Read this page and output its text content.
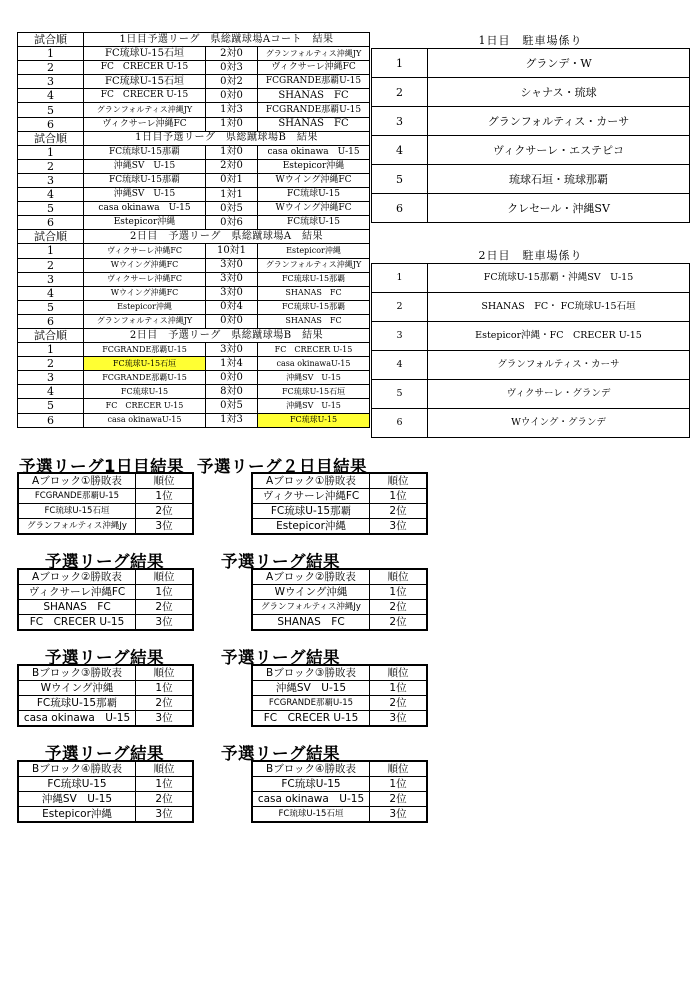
試合順	1日目予選リーグ　県総蹴球場Aコート　結果		
1	FC琉球U-15石垣	2対0	グランフォルティス沖縄JY
2	FC　CRECER U-15	0対3	ヴィクサーレ沖縄FC
3	FC琉球U-15石垣	0対2	FCGRANDE那覇U-15
4	FC　CRECER U-15	0対0	SHANAS　FC
5	グランフォルティス沖縄JY	1対3	FCGRANDE那覇U-15
6	ヴィクサーレ沖縄FC	1対0	SHANAS　FC
試合順	1日目予選リーグ　県総蹴球場B　結果		
1	FC琉球U-15那覇	1対0	casa okinawa　U-15
2	沖縄SV　U-15	2対0	Estepicor沖縄
3	FC琉球U-15那覇	0対1	Wウイング沖縄FC
4	沖縄SV　U-15	1対1	FC琉球U-15
5	casa okinawa　U-15	0対5	Wウイング沖縄FC
6	Estepicor沖縄	0対6	FC琉球U-15
試合順	2日目　予選リーグ　県総蹴球場A　結果		
1	ヴィクサーレ沖縄FC	10対1	Estepicor沖縄
2	Wウイング沖縄FC	3対0	グランフォルティス沖縄JY
3	ヴィクサーレ沖縄FC	3対0	FC琉球U-15那覇
4	Wウイング沖縄FC	3対0	SHANAS　FC
5	Estepicor沖縄	0対4	FC琉球U-15那覇
6	グランフォルティス沖縄JY	0対0	SHANAS　FC
試合順	2日目　予選リーグ　県総蹴球場B　結果		
1	FCGRANDE那覇U-15	3対0	FC　CRECER U-15
2	FC琉球U-15石垣	1対4	casa okinawaU-15
3	FCGRANDE那覇U-15	0対0	沖縄SV　U-15
4	FC琉球U-15	8対0	FC琉球U-15石垣
5	FC　CRECER U-15	0対5	沖縄SV　U-15
6	casa okinawaU-15	1対3	FC琉球U-15
1日目　駐車場係り	
1	グランデ・W
2	シャナス・琉球
3	グランフォルティス・カーサ
4	ヴィクサーレ・エステピコ
5	琉球石垣・琉球那覇
6	クレセール・沖縄SV
2日目　駐車場係り	
1	FC琉球U-15那覇・沖縄SV　U-15
2	SHANAS　FC・ FC琉球U-15石垣
3	Estepicor沖縄・FC　CRECER U-15
4	グランフォルティス・カーサ
5	ヴィクサーレ・グランデ
6	Wウイング・グランデ
予選リーグ1日目結果 予選リーグ２日目結果
Aブロック①勝敗表	順位
FCGRANDE那覇U-15	1位
FC琉球U-15石垣	2位
グランフォルティス沖縄Jy	3位
Aブロック①勝敗表	順位
ヴィクサーレ沖縄FC	1位
FC琉球U-15那覇	2位
Estepicor沖縄	3位
予選リーグ結果	予選リーグ結果
Aブロック②勝敗表	順位
ヴィクサーレ沖縄FC	1位
SHANAS　FC	2位
FC　CRECER U-15	3位
Aブロック②勝敗表	順位
Wウイング沖縄	1位
グランフォルティス沖縄Jy	2位
SHANAS　FC	2位
予選リーグ結果	予選リーグ結果
Bブロック③勝敗表	順位
Wウイング沖縄	1位
FC琉球U-15那覇	2位
casa okinawa　U-15	3位
Bブロック③勝敗表	順位
沖縄SV　U-15	1位
FCGRANDE那覇U-15	2位
FC　CRECER U-15	3位
予選リーグ結果	予選リーグ結果
Bブロック④勝敗表	順位
FC琉球U-15	1位
沖縄SV　U-15	2位
Estepicor沖縄	3位
Bブロック④勝敗表	順位
FC琉球U-15	1位
casa okinawa　U-15	2位
FC琉球U-15石垣	3位
